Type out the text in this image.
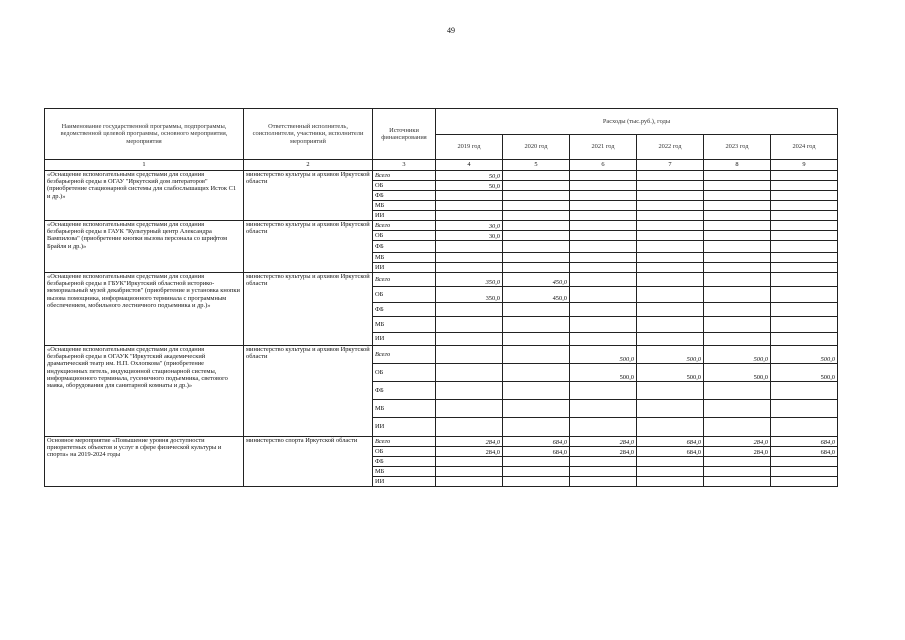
49
Наименование государственной программы, подпрограммы, ведомственной целевой программы, основного мероприятия, мероприятия	Ответственный исполнитель, соисполнители, участники, исполнители мероприятий	Источники финансирования	Расходы (тыс.руб.), годы					
			2019 год	2020 год	2021 год	2022 год	2023 год	2024 год
1	2	3	4	5	6	7	8	9
«Оснащение вспомогательными средствами для создания безбарьерной среды в ОГАУ "Иркутский дом литераторов" (приобретение стационарной системы для слабослышащих Исток С1 и др.)»	министерство культуры и архивов Иркутской области	Всего	50,0					
		ОБ	50,0					
		ФБ						
		МБ						
		ИИ						
«Оснащение вспомогательными средствами для создания безбарьерной среды в ГАУК "Культурный центр Александра Вампилова" (приобретение кнопки вызова персонала со шрифтом Брайля и др.)»	министерство культуры и архивов Иркутской области	Всего	30,0					
		ОБ	30,0					
		ФБ						
		МБ						
		ИИ						
«Оснащение вспомогательными средствами для создания безбарьерной среды в ГБУК"Иркутский областной историко-мемориальный музей декабристов" (приобретение и установка кнопки вызова помощника, информационного терминала с программным обеспечением, мобильного лестничного подъемника и др.)»	министерство культуры и архивов Иркутской области	Всего	350,0	450,0				
		ОБ	350,0	450,0				
		ФБ						
		МБ						
		ИИ						
«Оснащение вспомогательными средствами для создания безбарьерной среды в ОГАУК "Иркутский академический драматический театр им. Н.П. Охлопкова" (приобретение индукционных петель, индукционной стационарной системы, информационного терминала, гусеничного подъемника, светового маяка, оборудования для санитарной комнаты и др.)»	министерство культуры и архивов Иркутской области	Всего			500,0	500,0	500,0	500,0
		ОБ			500,0	500,0	500,0	500,0
		ФБ						
		МБ						
		ИИ						
Основное мероприятие «Повышение уровня доступности приоритетных объектов и услуг в сфере физической культуры и спорта» на 2019-2024 годы	министерство спорта Иркутской области	Всего	284,0	684,0	284,0	684,0	284,0	684,0
		ОБ	284,0	684,0	284,0	684,0	284,0	684,0
		ФБ						
		МБ						
		ИИ						
